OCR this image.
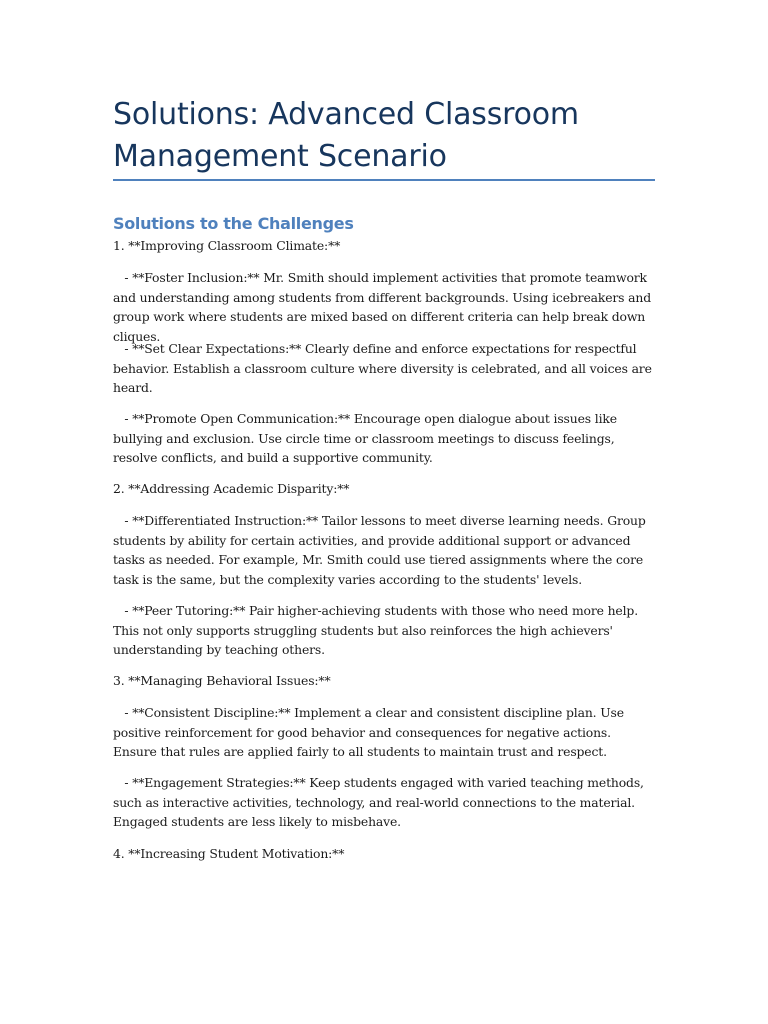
Solutions: Advanced Classroom Management Scenario
Solutions to the Challenges

1. **Improving Classroom Climate:**

- **Foster Inclusion:** Mr. Smith should implement activities that promote teamwork and understanding among students from different backgrounds. Using icebreakers and group work where students are mixed based on different criteria can help break down cliques.

- **Set Clear Expectations:** Clearly define and enforce expectations for respectful behavior. Establish a classroom culture where diversity is celebrated, and all voices are heard.

- **Promote Open Communication:** Encourage open dialogue about issues like bullying and exclusion. Use circle time or classroom meetings to discuss feelings, resolve conflicts, and build a supportive community.

2. **Addressing Academic Disparity:**

- **Differentiated Instruction:** Tailor lessons to meet diverse learning needs. Group students by ability for certain activities, and provide additional support or advanced tasks as needed. For example, Mr. Smith could use tiered assignments where the core task is the same, but the complexity varies according to the students' levels.

- **Peer Tutoring:** Pair higher-achieving students with those who need more help. This not only supports struggling students but also reinforces the high achievers' understanding by teaching others.

3. **Managing Behavioral Issues:**

- **Consistent Discipline:** Implement a clear and consistent discipline plan. Use positive reinforcement for good behavior and consequences for negative actions. Ensure that rules are applied fairly to all students to maintain trust and respect.

- **Engagement Strategies:** Keep students engaged with varied teaching methods, such as interactive activities, technology, and real-world connections to the material. Engaged students are less likely to misbehave.

4. **Increasing Student Motivation:**
